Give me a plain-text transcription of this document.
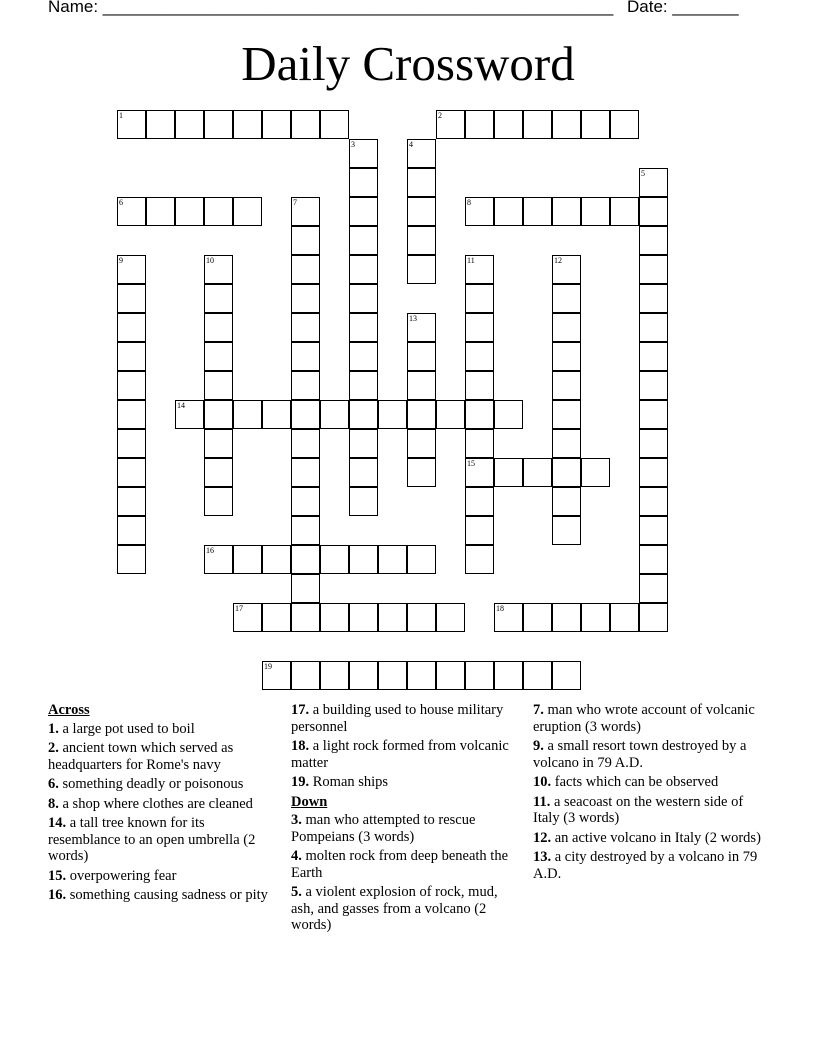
Name: ______________________________________________________ Date: _______
Daily Crossword
1	2
3	4
5
6	7	8
9	10	11
15
12
13
14
16
17	18
19
Across
1. a large pot used to boil
2. ancient town which served as headquarters for Rome's navy
6. something deadly or poisonous
8. a shop where clothes are cleaned
14. a tall tree known for its resemblance to an open umbrella (2 words)
15. overpowering fear
16. something causing sadness or pity
17. a building used to house military personnel
18. a light rock formed from volcanic matter
19. Roman ships
Down
3. man who attempted to rescue Pompeians (3 words)
4. molten rock from deep beneath the Earth
5. a violent explosion of rock, mud, ash, and gasses from a volcano (2 words)
7. man who wrote account of volcanic eruption (3 words)
9. a small resort town destroyed by a volcano in 79 A.D.
10. facts which can be observed
11. a seacoast on the western side of Italy (3 words)
12. an active volcano in Italy (2 words)
13. a city destroyed by a volcano in 79 A.D.
